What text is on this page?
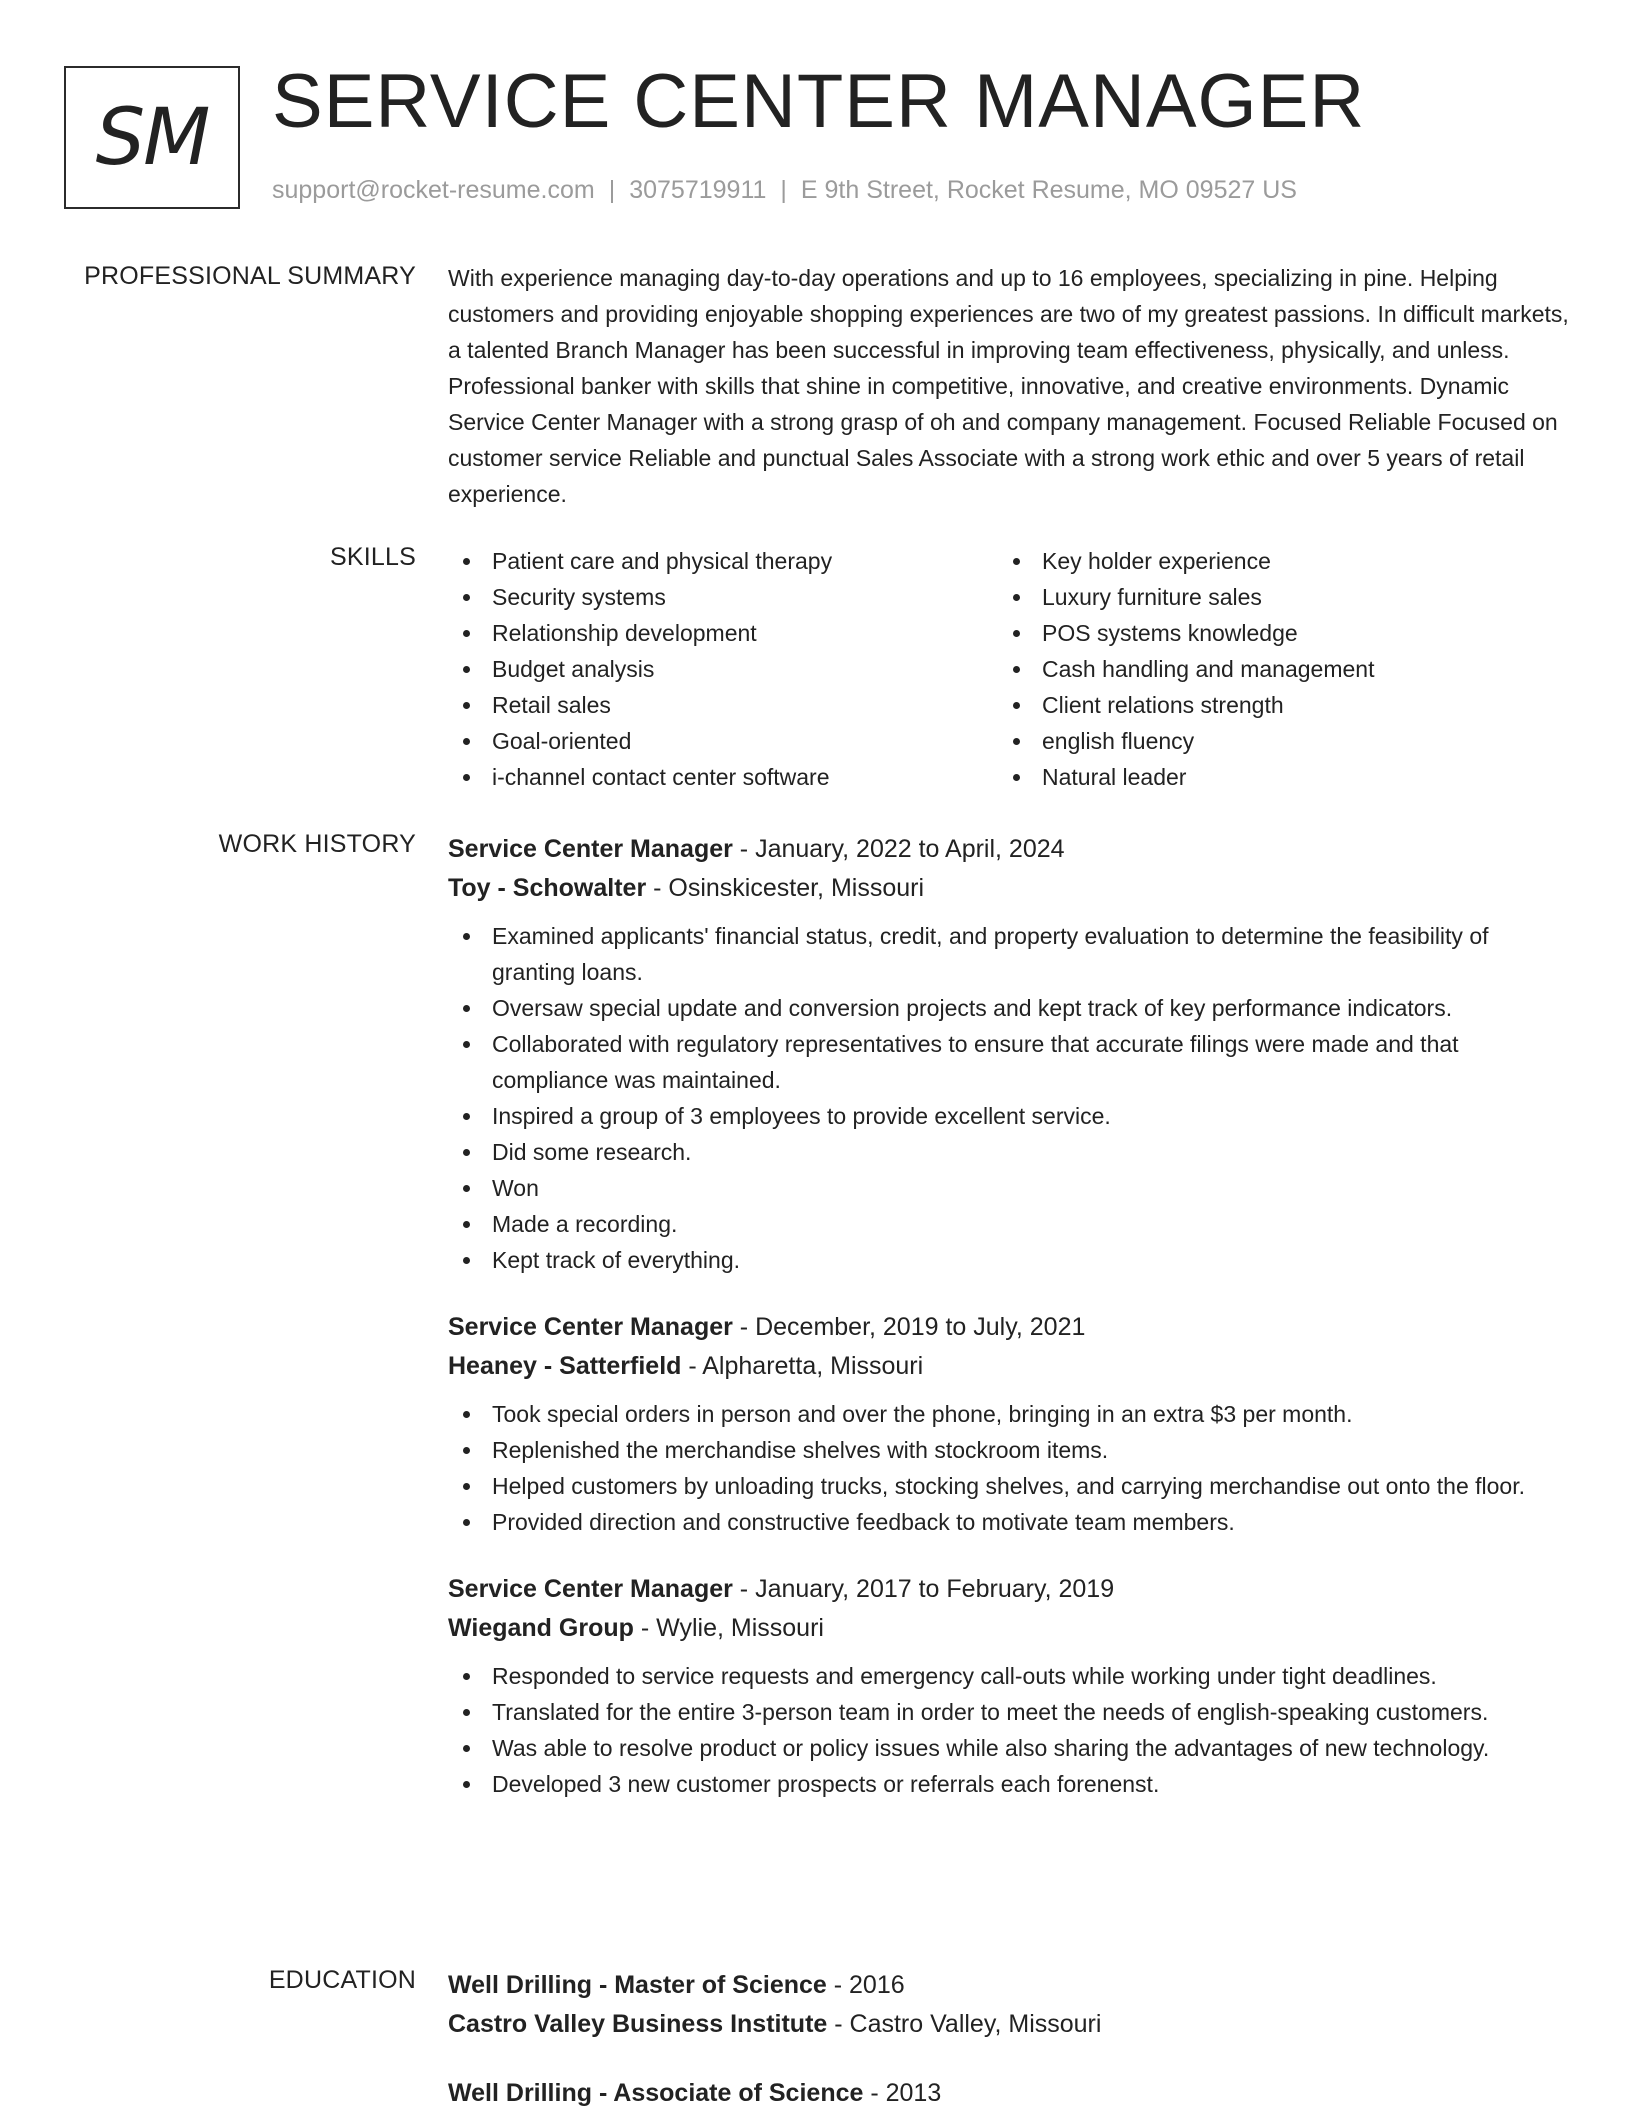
SM SERVICE CENTER MANAGER
support@rocket-resume.com | 3075719911 | E 9th Street, Rocket Resume, MO 09527 US
PROFESSIONAL SUMMARY With experience managing day-to-day operations and up to 16 employees, specializing in pine. Helping customers and providing enjoyable shopping experiences are two of my greatest passions. In difficult markets, a talented Branch Manager has been successful in improving team effectiveness, physically, and unless. Professional banker with skills that shine in competitive, innovative, and creative environments. Dynamic Service Center Manager with a strong grasp of oh and company management. Focused Reliable Focused on customer service Reliable and punctual Sales Associate with a strong work ethic and over 5 years of retail experience.
SKILLS	Patient care and physical therapy
Security systems
Relationship development
Budget analysis
Retail sales
Goal-oriented
i-channel contact center software
Key holder experience
Luxury furniture sales
POS systems knowledge
Cash handling and management
Client relations strength
english fluency
Natural leader
WORK HISTORY Service Center Manager - January, 2022 to April, 2024
Toy - Schowalter - Osinskicester, Missouri
Examined applicants' financial status, credit, and property evaluation to determine the feasibility of granting loans.
Oversaw special update and conversion projects and kept track of key performance indicators.
Collaborated with regulatory representatives to ensure that accurate filings were made and that compliance was maintained.
Inspired a group of 3 employees to provide excellent service.
Did some research.
Won
Made a recording.
Kept track of everything.
Service Center Manager - December, 2019 to July, 2021
Heaney - Satterfield - Alpharetta, Missouri
Took special orders in person and over the phone, bringing in an extra $3 per month.
Replenished the merchandise shelves with stockroom items.
Helped customers by unloading trucks, stocking shelves, and carrying merchandise out onto the floor.
Provided direction and constructive feedback to motivate team members.
Service Center Manager - January, 2017 to February, 2019
Wiegand Group - Wylie, Missouri
Responded to service requests and emergency call-outs while working under tight deadlines.
Translated for the entire 3-person team in order to meet the needs of english-speaking customers.
Was able to resolve product or policy issues while also sharing the advantages of new technology.
Developed 3 new customer prospects or referrals each forenenst.
EDUCATION Well Drilling - Master of Science - 2016
Castro Valley Business Institute - Castro Valley, Missouri
Well Drilling - Associate of Science - 2013
